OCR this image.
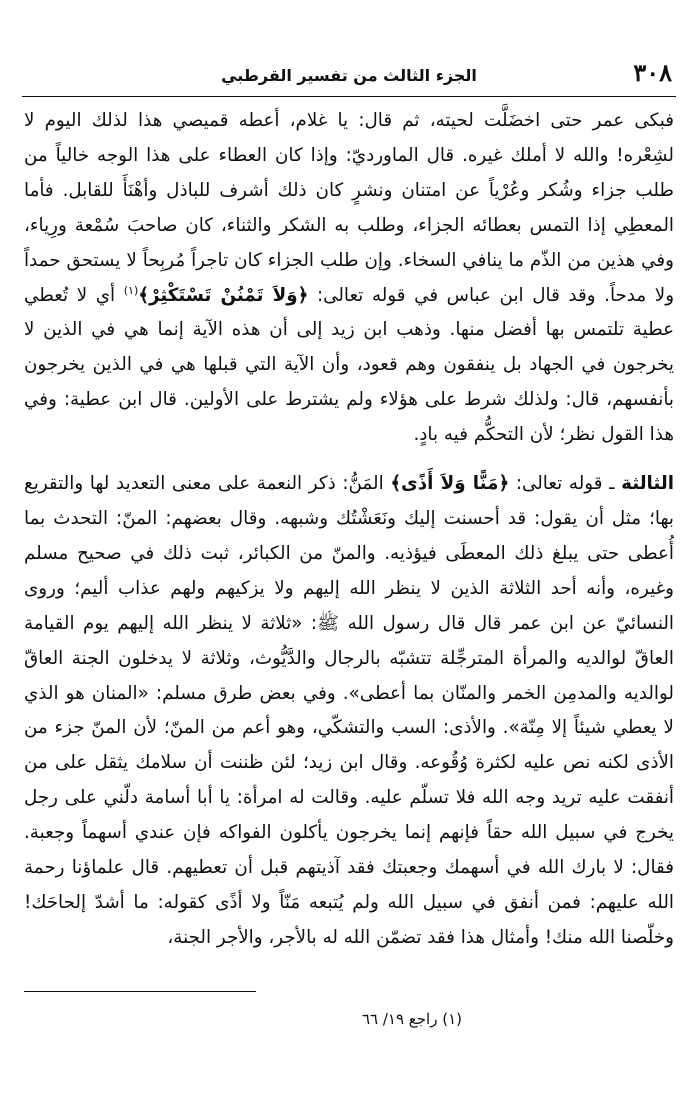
٣٠٨
الجزء الثالث من تفسير القرطبي

فبكى عمر حتى اخضَلَّت لحيته، ثم قال: يا غلام، أعطه قميصي هذا لذلك اليوم لا لشِعْره! والله لا أملك غيره. قال الماورديّ: وإذا كان العطاء على هذا الوجه خالياً من طلب جزاء وشُكر وعُرْياً عن امتنان ونشرٍ كان ذلك أشرف للباذل وأهْنَأَ للقابل. فأما المعطِي إذا التمس بعطائه الجزاء، وطلب به الشكر والثناء، كان صاحبَ سُمْعة ورِياء، وفي هذين من الذّم ما ينافي السخاء. وإن طلب الجزاء كان تاجراً مُربِحاً لا يستحق حمداً ولا مدحاً. وقد قال ابن عباس في قوله تعالى: ﴿وَلاَ تَمْنُنْ تَسْتَكْثِرْ﴾$^{(١)}$ أي لا تُعطي عطية تلتمس بها أفضل منها. وذهب ابن زيد إلى أن هذه الآية إنما هي في الذين لا يخرجون في الجهاد بل ينفقون وهم قعود، وأن الآية التي قبلها هي في الذين يخرجون بأنفسهم، قال: ولذلك شرط على هؤلاء ولم يشترط على الأولين. قال ابن عطية: وفي هذا القول نظر؛ لأن التحكُّم فيه بادٍ.

الثالثة ـ قوله تعالى: ﴿مَنًّا وَلاَ أَذًى﴾ المَنُّ: ذكر النعمة على معنى التعديد لها والتقريع بها؛ مثل أن يقول: قد أحسنت إليك ونَعَشْتُك وشبهه. وقال بعضهم: المنّ: التحدث بما أُعطى حتى يبلغ ذلك المعطَى فيؤذيه. والمنّ من الكبائر، ثبت ذلك في صحيح مسلم وغيره، وأنه أحد الثلاثة الذين لا ينظر الله إليهم ولا يزكيهم ولهم عذاب أليم؛ وروى النسائيّ عن ابن عمر قال قال رسول الله ﷺ: «ثلاثة لا ينظر الله إليهم يوم القيامة العاقّ لوالديه والمرأة المترجِّلة تتشبّه بالرجال والدَّيُّوث، وثلاثة لا يدخلون الجنة العاقّ لوالديه والمدمِن الخمر والمنّان بما أعطى». وفي بعض طرق مسلم: «المنان هو الذي لا يعطي شيئاً إلا مِنّة». والأذى: السب والتشكّي، وهو أعم من المنّ؛ لأن المنّ جزء من الأذى لكنه نص عليه لكثرة وُقُوعه. وقال ابن زيد؛ لئن ظننت أن سلامك يثقل على من أنفقت عليه تريد وجه الله فلا تسلّم عليه. وقالت له امرأة: يا أبا أسامة دلّني على رجل يخرج في سبيل الله حقاً فإنهم إنما يخرجون يأكلون الفواكه فإن عندي أسهماً وجعبة. فقال: لا بارك الله في أسهمك وجعبتك فقد آذيتهم قبل أن تعطيهم. قال علماؤنا رحمة الله عليهم: فمن أنفق في سبيل الله ولم يُتبعه مَنّاً ولا أذًى كقوله: ما أشدّ إلحاحَك! وخلّصنا الله منك! وأمثال هذا فقد تضمّن الله له بالأجر، والأجر الجنة،

(١) راجع ١٩/ ٦٦
